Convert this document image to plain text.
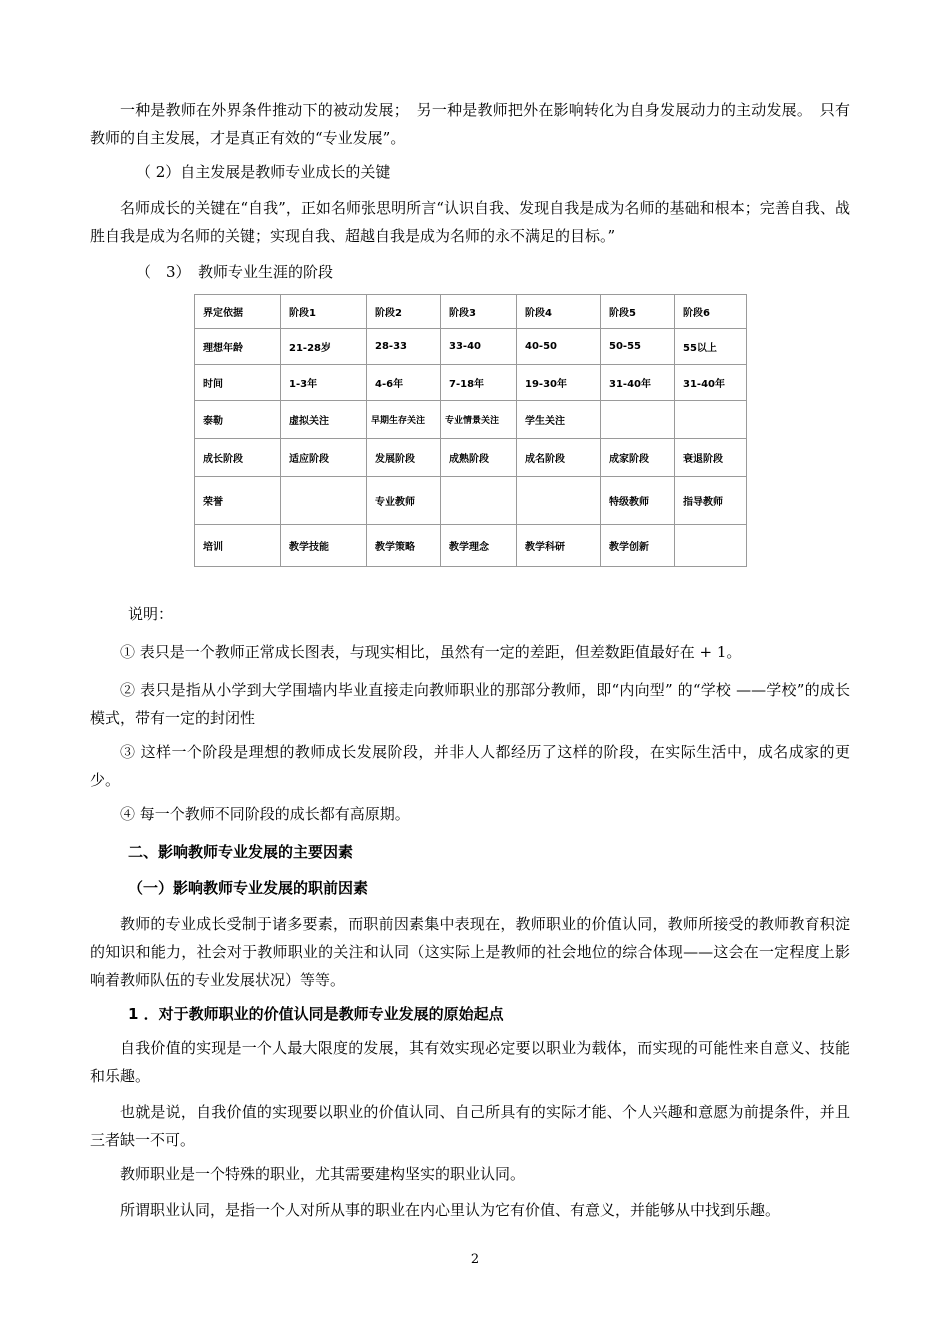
一种是教师在外界条件推动下的被动发展；　另一种是教师把外在影响转化为自身发展动力的主动发展。　只有教师的自主发展，才是真正有效的“专业发展”。

（ 2）自主发展是教师专业成长的关键

名师成长的关键在“自我”，正如名师张思明所言“认识自我、发现自我是成为名师的基础和根本；完善自我、战胜自我是成为名师的关键；实现自我、超越自我是成为名师的永不满足的目标。”

（　3）　教师专业生涯的阶段

界定依据	阶段1	阶段2	阶段3	阶段4	阶段5	阶段6
理想年龄	21-28岁	28-33	33-40	40-50	50-55	55以上
时间	1-3年	4-6年	7-18年	19-30年	31-40年	31-40年
泰勒	虚拟关注	早期生存关注	专业情景关注	学生关注		
成长阶段	适应阶段	发展阶段	成熟阶段	成名阶段	成家阶段	衰退阶段
荣誉		专业教师			特级教师	指导教师
培训	教学技能	教学策略	教学理念	教学科研	教学创新	

说明：

① 表只是一个教师正常成长图表，与现实相比，虽然有一定的差距，但差数距值最好在 + 1。

② 表只是指从小学到大学围墙内毕业直接走向教师职业的那部分教师，即“内向型” 的“学校 ——学校”的成长模式，带有一定的封闭性

③ 这样一个阶段是理想的教师成长发展阶段，并非人人都经历了这样的阶段，在实际生活中，成名成家的更少。

④ 每一个教师不同阶段的成长都有高原期。

二、影响教师专业发展的主要因素

（一）影响教师专业发展的职前因素

教师的专业成长受制于诸多要素，而职前因素集中表现在，教师职业的价值认同，教师所接受的教师教育积淀的知识和能力，社会对于教师职业的关注和认同（这实际上是教师的社会地位的综合体现——这会在一定程度上影响着教师队伍的专业发展状况）等等。

1 ．对于教师职业的价值认同是教师专业发展的原始起点

自我价值的实现是一个人最大限度的发展，其有效实现必定要以职业为载体，而实现的可能性来自意义、技能和乐趣。

也就是说，自我价值的实现要以职业的价值认同、自己所具有的实际才能、个人兴趣和意愿为前提条件，并且三者缺一不可。

教师职业是一个特殊的职业，尤其需要建构坚实的职业认同。

所谓职业认同，是指一个人对所从事的职业在内心里认为它有价值、有意义，并能够从中找到乐趣。

2
